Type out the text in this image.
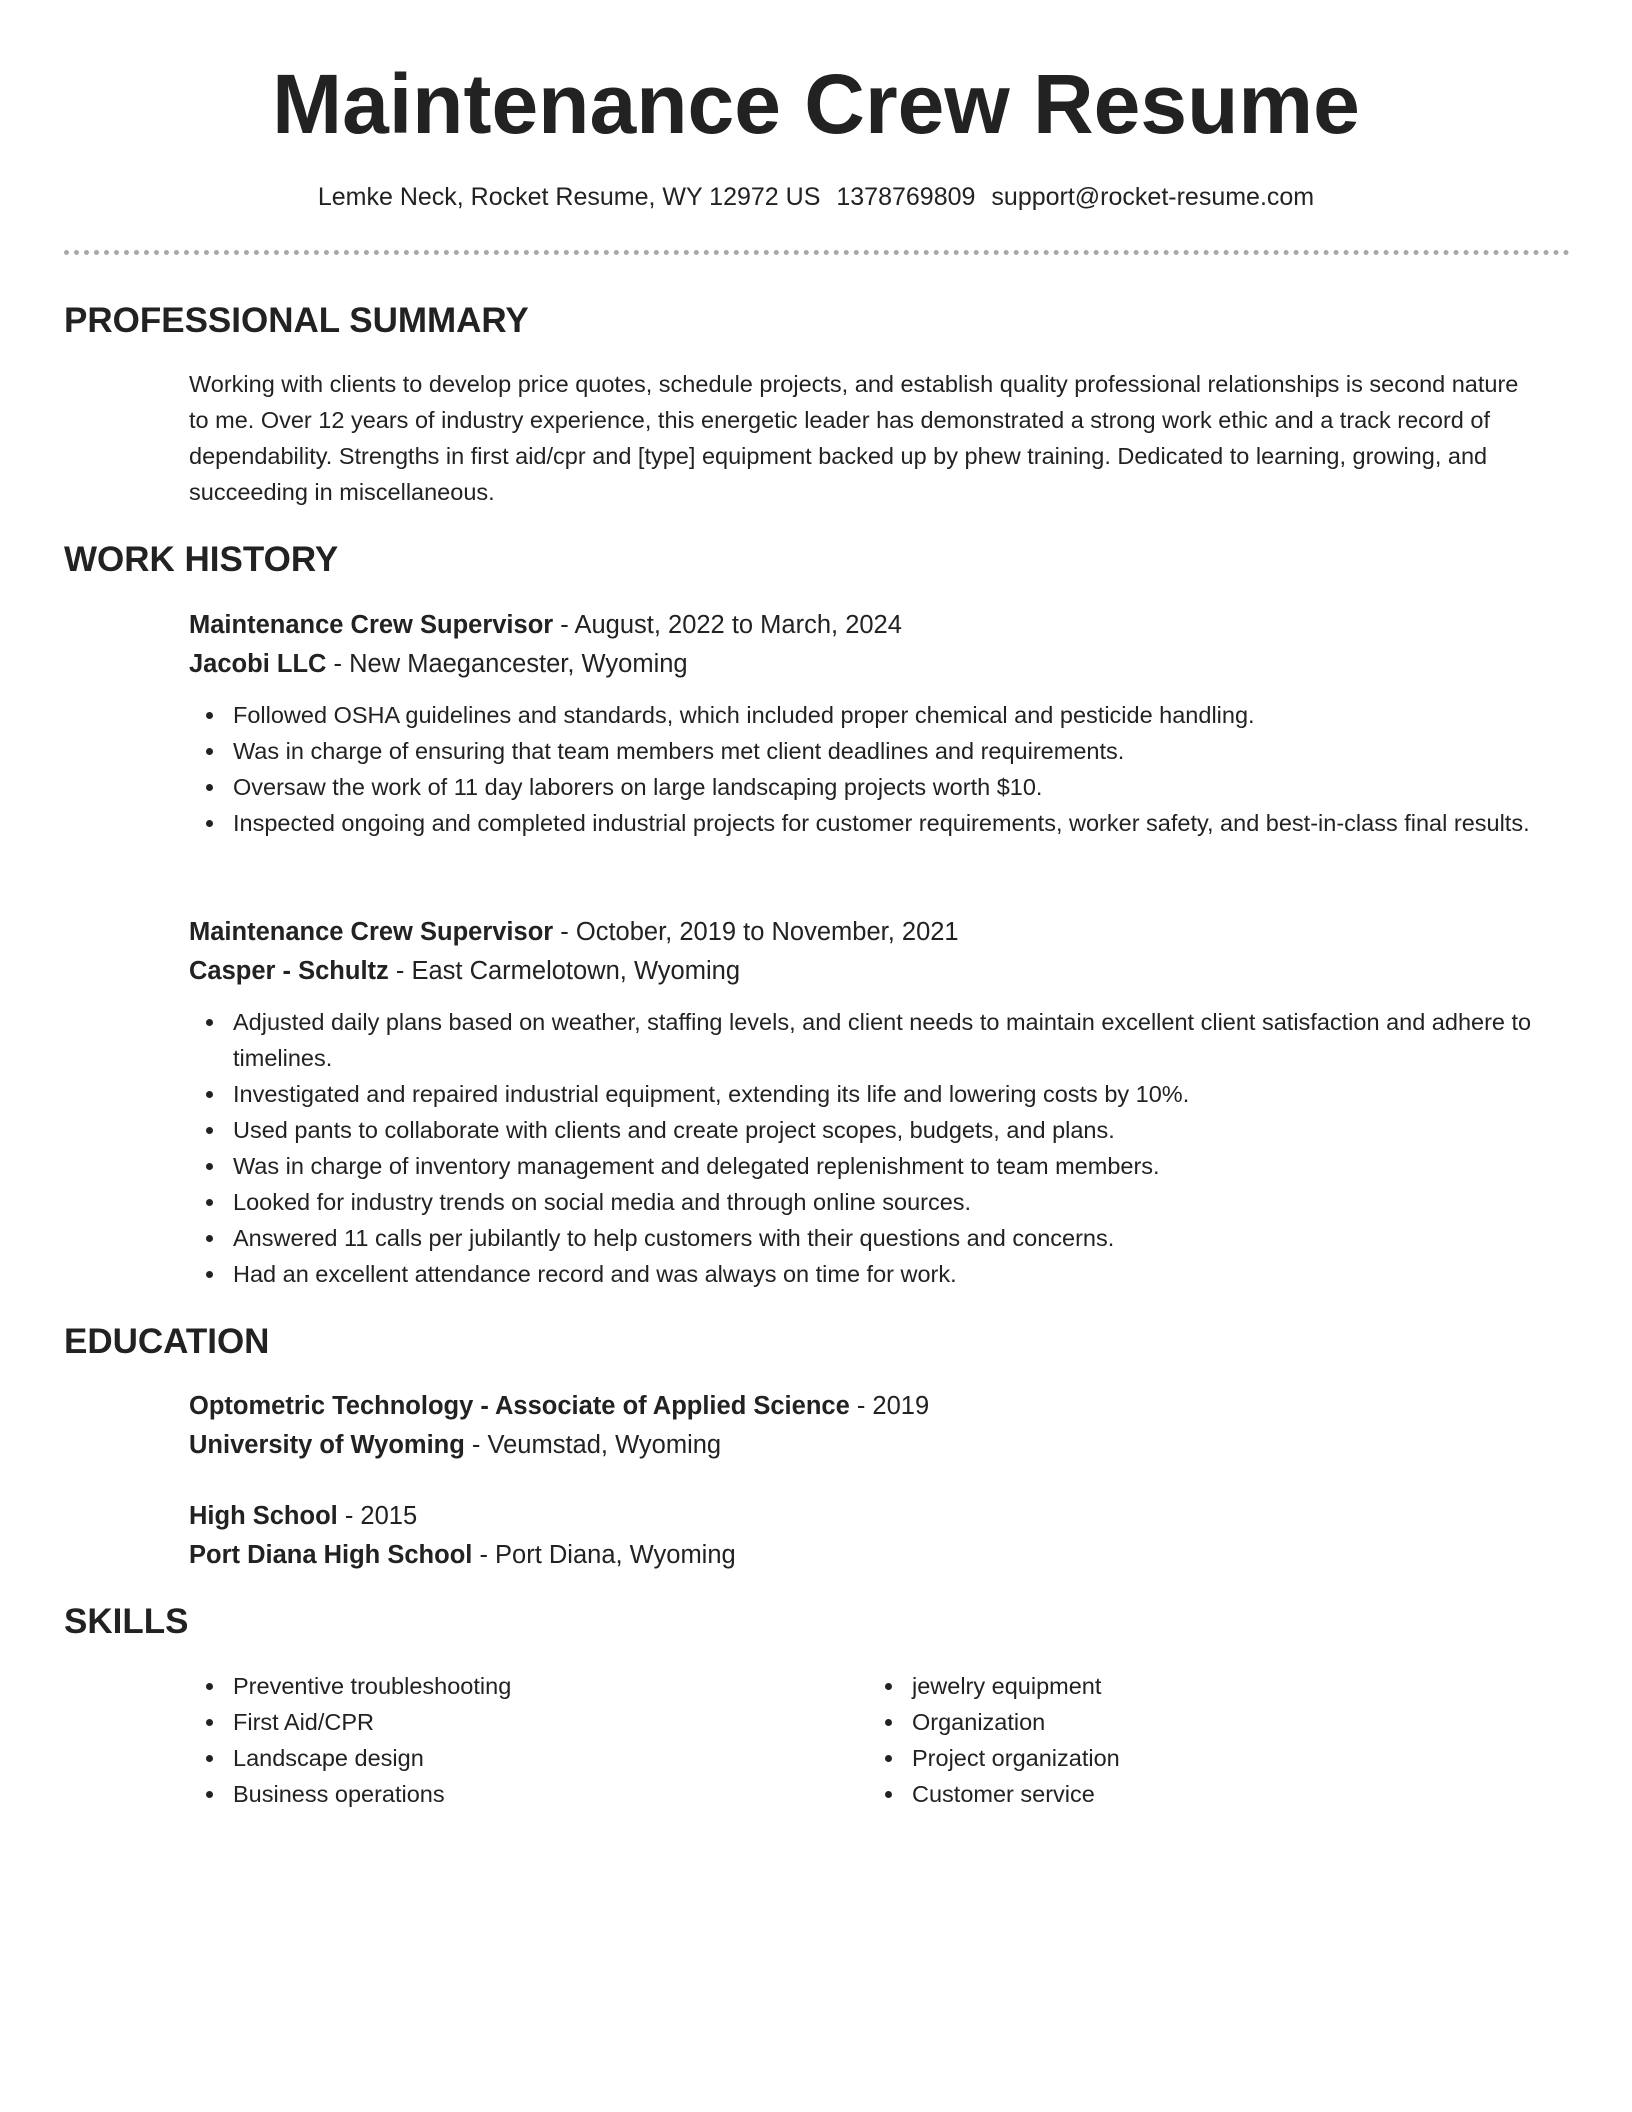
Maintenance Crew Resume
Lemke Neck, Rocket Resume, WY 12972 US 1378769809 support@rocket-resume.com
PROFESSIONAL SUMMARY

Working with clients to develop price quotes, schedule projects, and establish quality professional relationships is second nature to me. Over 12 years of industry experience, this energetic leader has demonstrated a strong work ethic and a track record of dependability. Strengths in first aid/cpr and [type] equipment backed up by phew training. Dedicated to learning, growing, and succeeding in miscellaneous.

WORK HISTORY
Maintenance Crew Supervisor - August, 2022 to March, 2024
Jacobi LLC - New Maegancester, Wyoming
Followed OSHA guidelines and standards, which included proper chemical and pesticide handling.
Was in charge of ensuring that team members met client deadlines and requirements.
Oversaw the work of 11 day laborers on large landscaping projects worth $10.
Inspected ongoing and completed industrial projects for customer requirements, worker safety, and best-in-class final results.
Maintenance Crew Supervisor - October, 2019 to November, 2021
Casper - Schultz - East Carmelotown, Wyoming
Adjusted daily plans based on weather, staffing levels, and client needs to maintain excellent client satisfaction and adhere to timelines.
Investigated and repaired industrial equipment, extending its life and lowering costs by 10%.
Used pants to collaborate with clients and create project scopes, budgets, and plans.
Was in charge of inventory management and delegated replenishment to team members.
Looked for industry trends on social media and through online sources.
Answered 11 calls per jubilantly to help customers with their questions and concerns.
Had an excellent attendance record and was always on time for work.
EDUCATION
Optometric Technology - Associate of Applied Science - 2019
University of Wyoming - Veumstad, Wyoming
High School - 2015
Port Diana High School - Port Diana, Wyoming
SKILLS
Preventive troubleshooting
First Aid/CPR
Landscape design
Business operations
jewelry equipment
Organization
Project organization
Customer service
